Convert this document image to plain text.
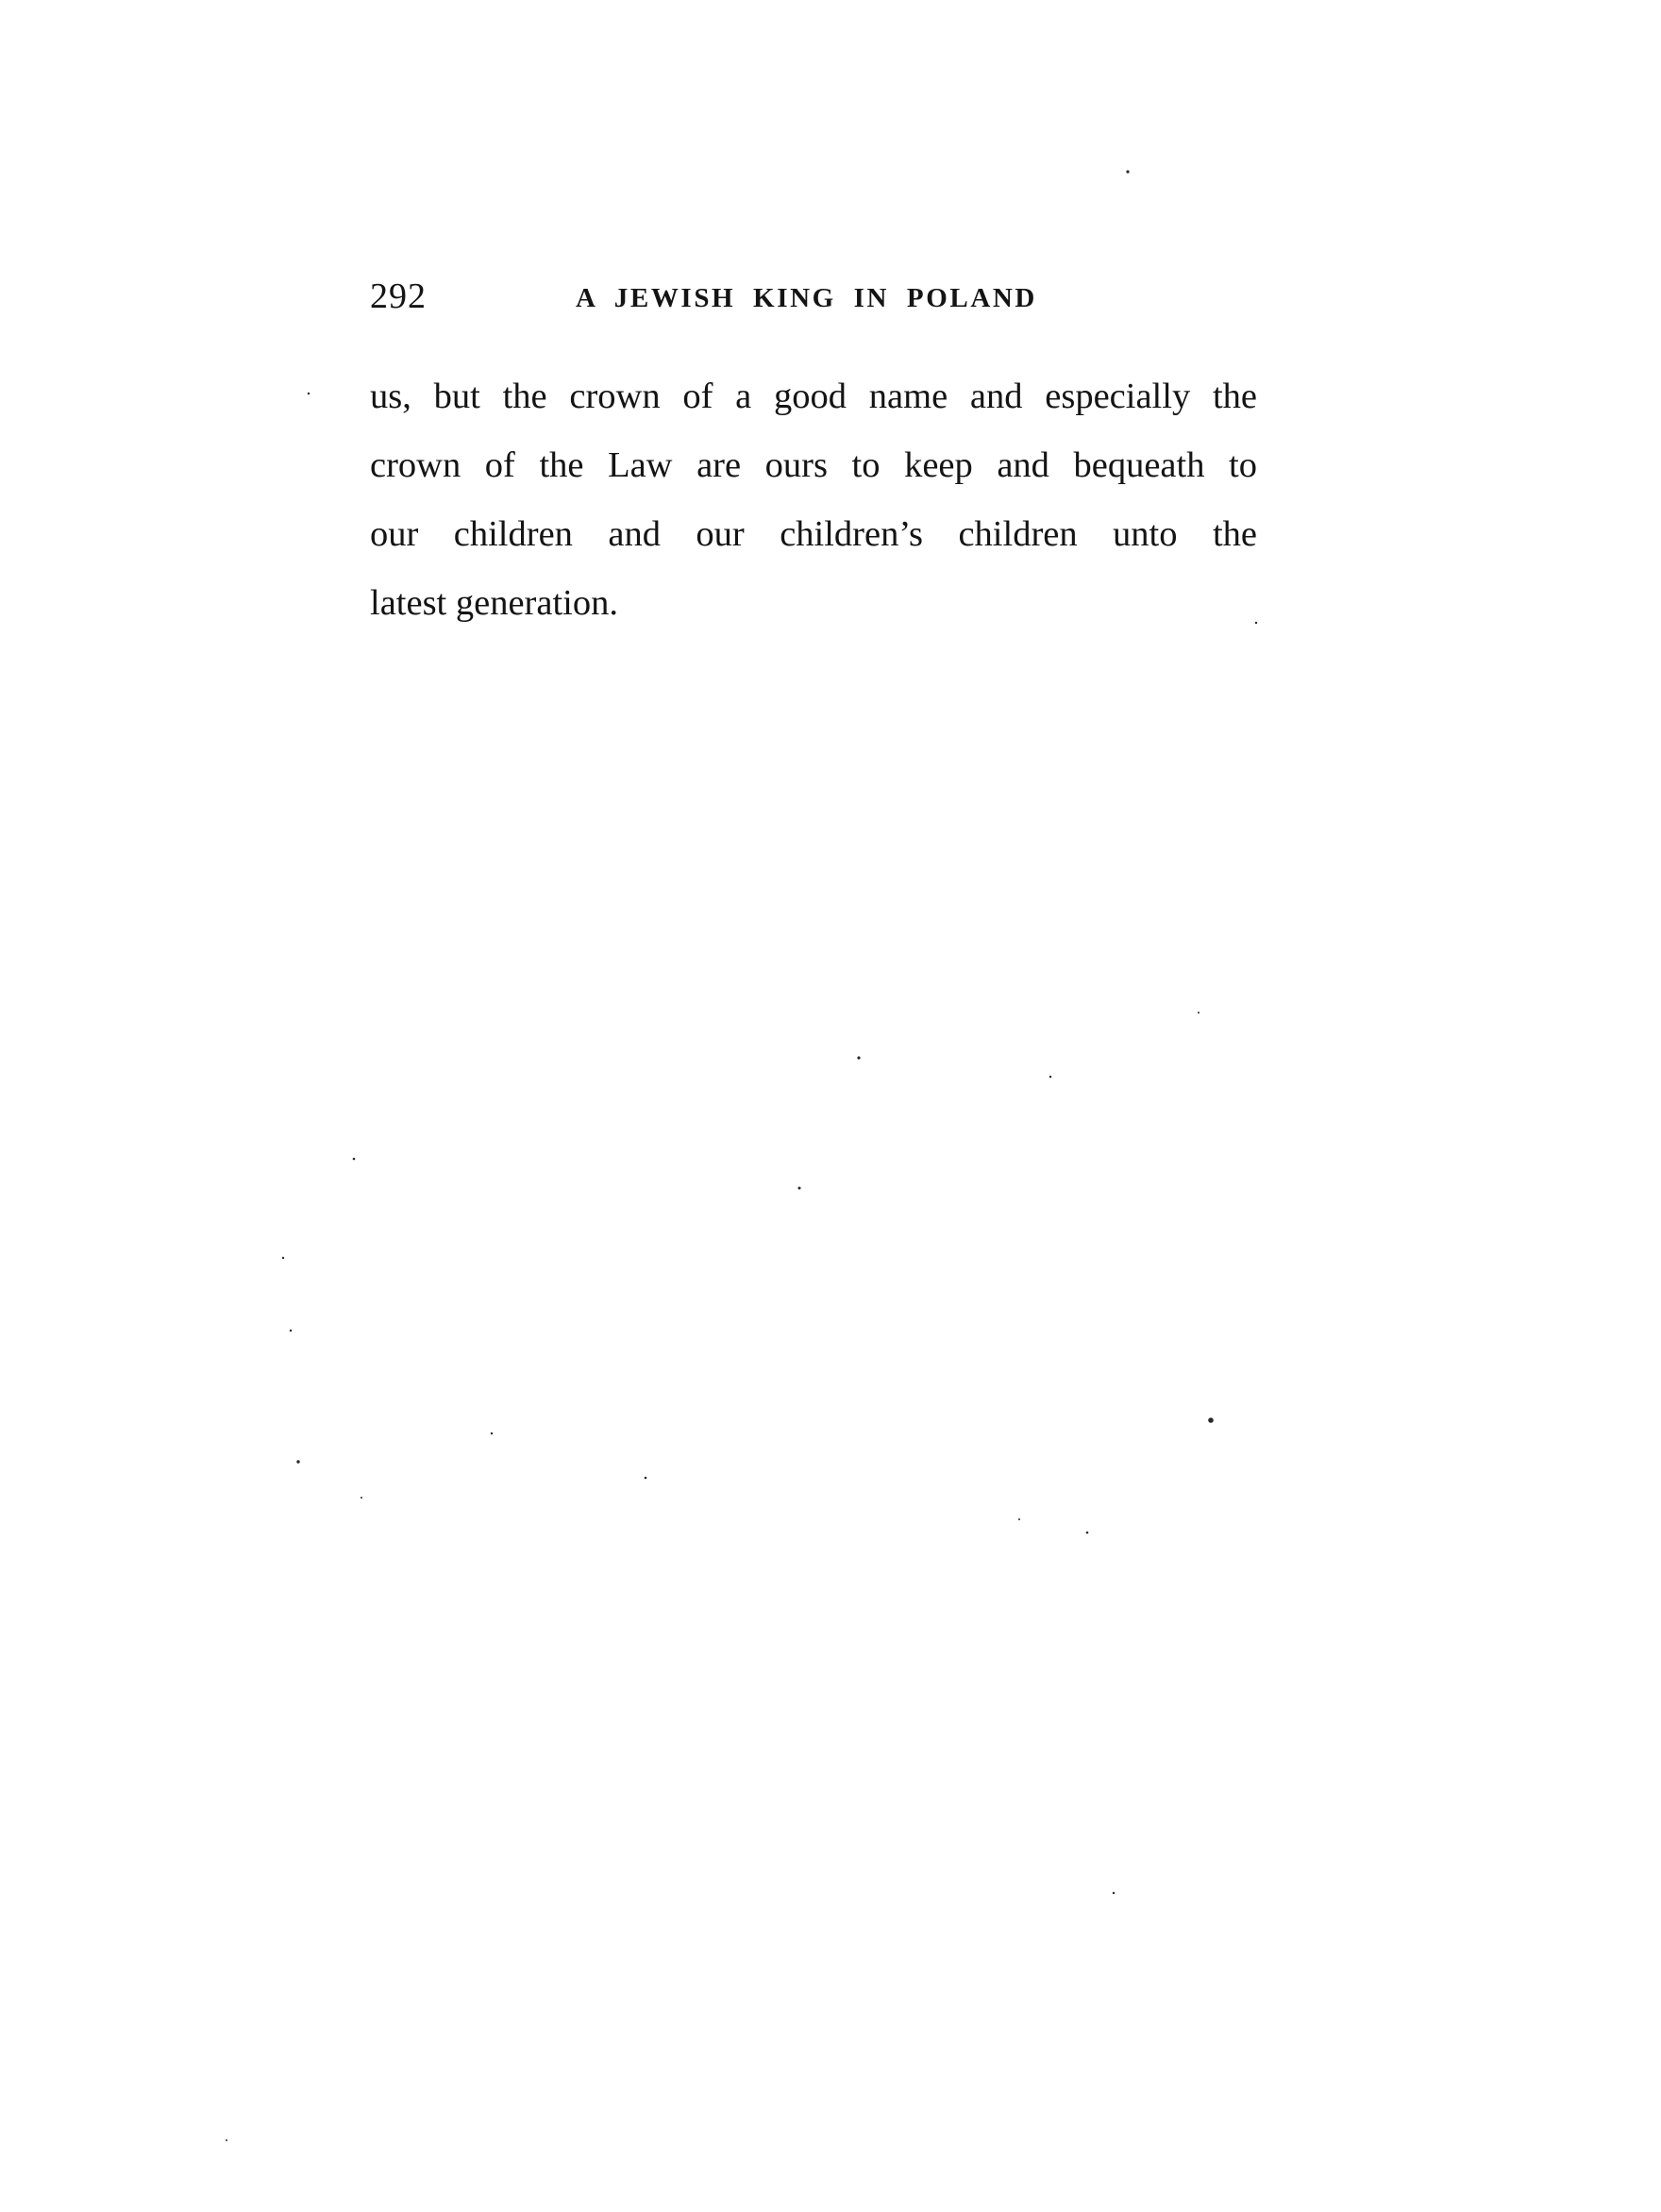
292	A JEWISH KING IN POLAND

us, but the crown of a good name and especially the
crown of the Law are ours to keep and bequeath to
our children and our children’s children unto the
latest generation.
